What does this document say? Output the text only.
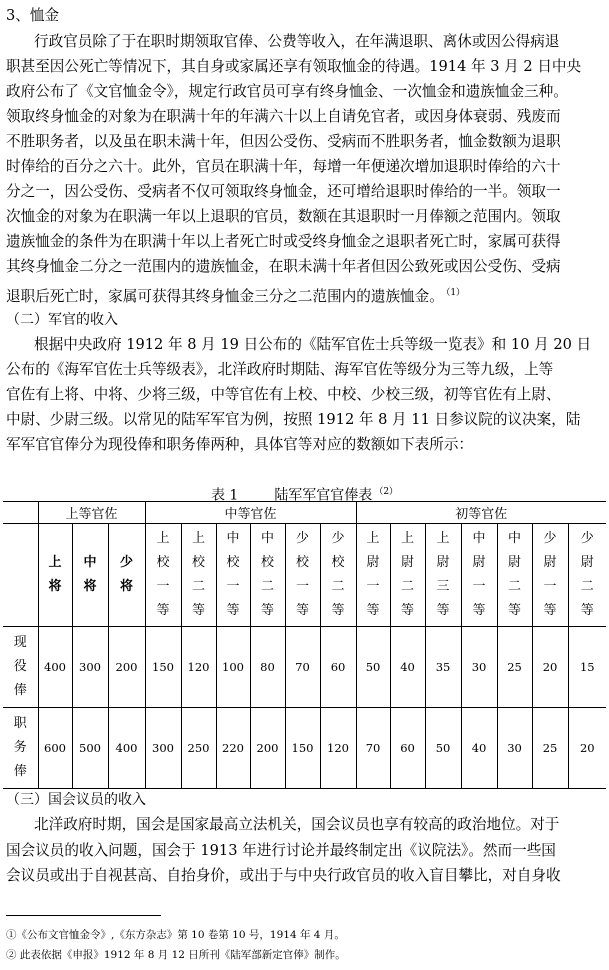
3、恤金
行政官员除了于在职时期领取官俸、公费等收入，在年满退职、离休或因公得病退
职甚至因公死亡等情况下，其自身或家属还享有领取恤金的待遇。1914 年 3 月 2 日中央
政府公布了《文官恤金令》，规定行政官员可享有终身恤金、一次恤金和遗族恤金三种。
领取终身恤金的对象为在职满十年的年满六十以上自请免官者，或因身体衰弱、残废而
不胜职务者，以及虽在职未满十年，但因公受伤、受病而不胜职务者，恤金数额为退职
时俸给的百分之六十。此外，官员在职满十年，每增一年便递次增加退职时俸给的六十
分之一，因公受伤、受病者不仅可领取终身恤金，还可增给退职时俸给的一半。领取一
次恤金的对象为在职满一年以上退职的官员，数额在其退职时一月俸额之范围内。领取
遗族恤金的条件为在职满十年以上者死亡时或受终身恤金之退职者死亡时，家属可获得
其终身恤金二分之一范围内的遗族恤金，在职未满十年者但因公致死或因公受伤、受病
退职后死亡时，家属可获得其终身恤金三分之二范围内的遗族恤金。 $^{(1)}$
（二）军官的收入
根据中央政府 1912 年 8 月 19 日公布的《陆军官佐士兵等级一览表》和 10 月 20 日
公布的《海军官佐士兵等级表》，北洋政府时期陆、海军官佐等级分为三等九级，上等
官佐有上将、中将、少将三级，中等官佐有上校、中校、少校三级，初等官佐有上尉、
中尉、少尉三级。以常见的陆军军官为例，按照 1912 年 8 月 11 日参议院的议决案，陆
军军官官俸分为现役俸和职务俸两种，具体官等对应的数额如下表所示：
表 1	陆军军官官俸表 $^{(2)}$
	上等官佐			中等官佐						初等官佐						
	上将	中将	少将	上校一等	上校二等	中校一等	中校二等	少校一等	少校二等	上尉一等	上尉二等	上尉三等	中尉一等	中尉二等	少尉一等	少尉二等
现役俸	400	300	200	150	120	100	80	70	60	50	40	35	30	25	20	15
职务俸	600	500	400	300	250	220	200	150	120	70	60	50	40	30	25	20
（三）国会议员的收入
北洋政府时期，国会是国家最高立法机关，国会议员也享有较高的政治地位。对于
国会议员的收入问题，国会于 1913 年进行讨论并最终制定出《议院法》。然而一些国
会议员或出于自视甚高、自抬身价，或出于与中央行政官员的收入盲目攀比，对自身收
①《公布文官恤金令》,《东方杂志》第 10 卷第 10 号，1914 年 4 月。
② 此表依据《申报》1912 年 8 月 12 日所刊《陆军部新定官俸》制作。
